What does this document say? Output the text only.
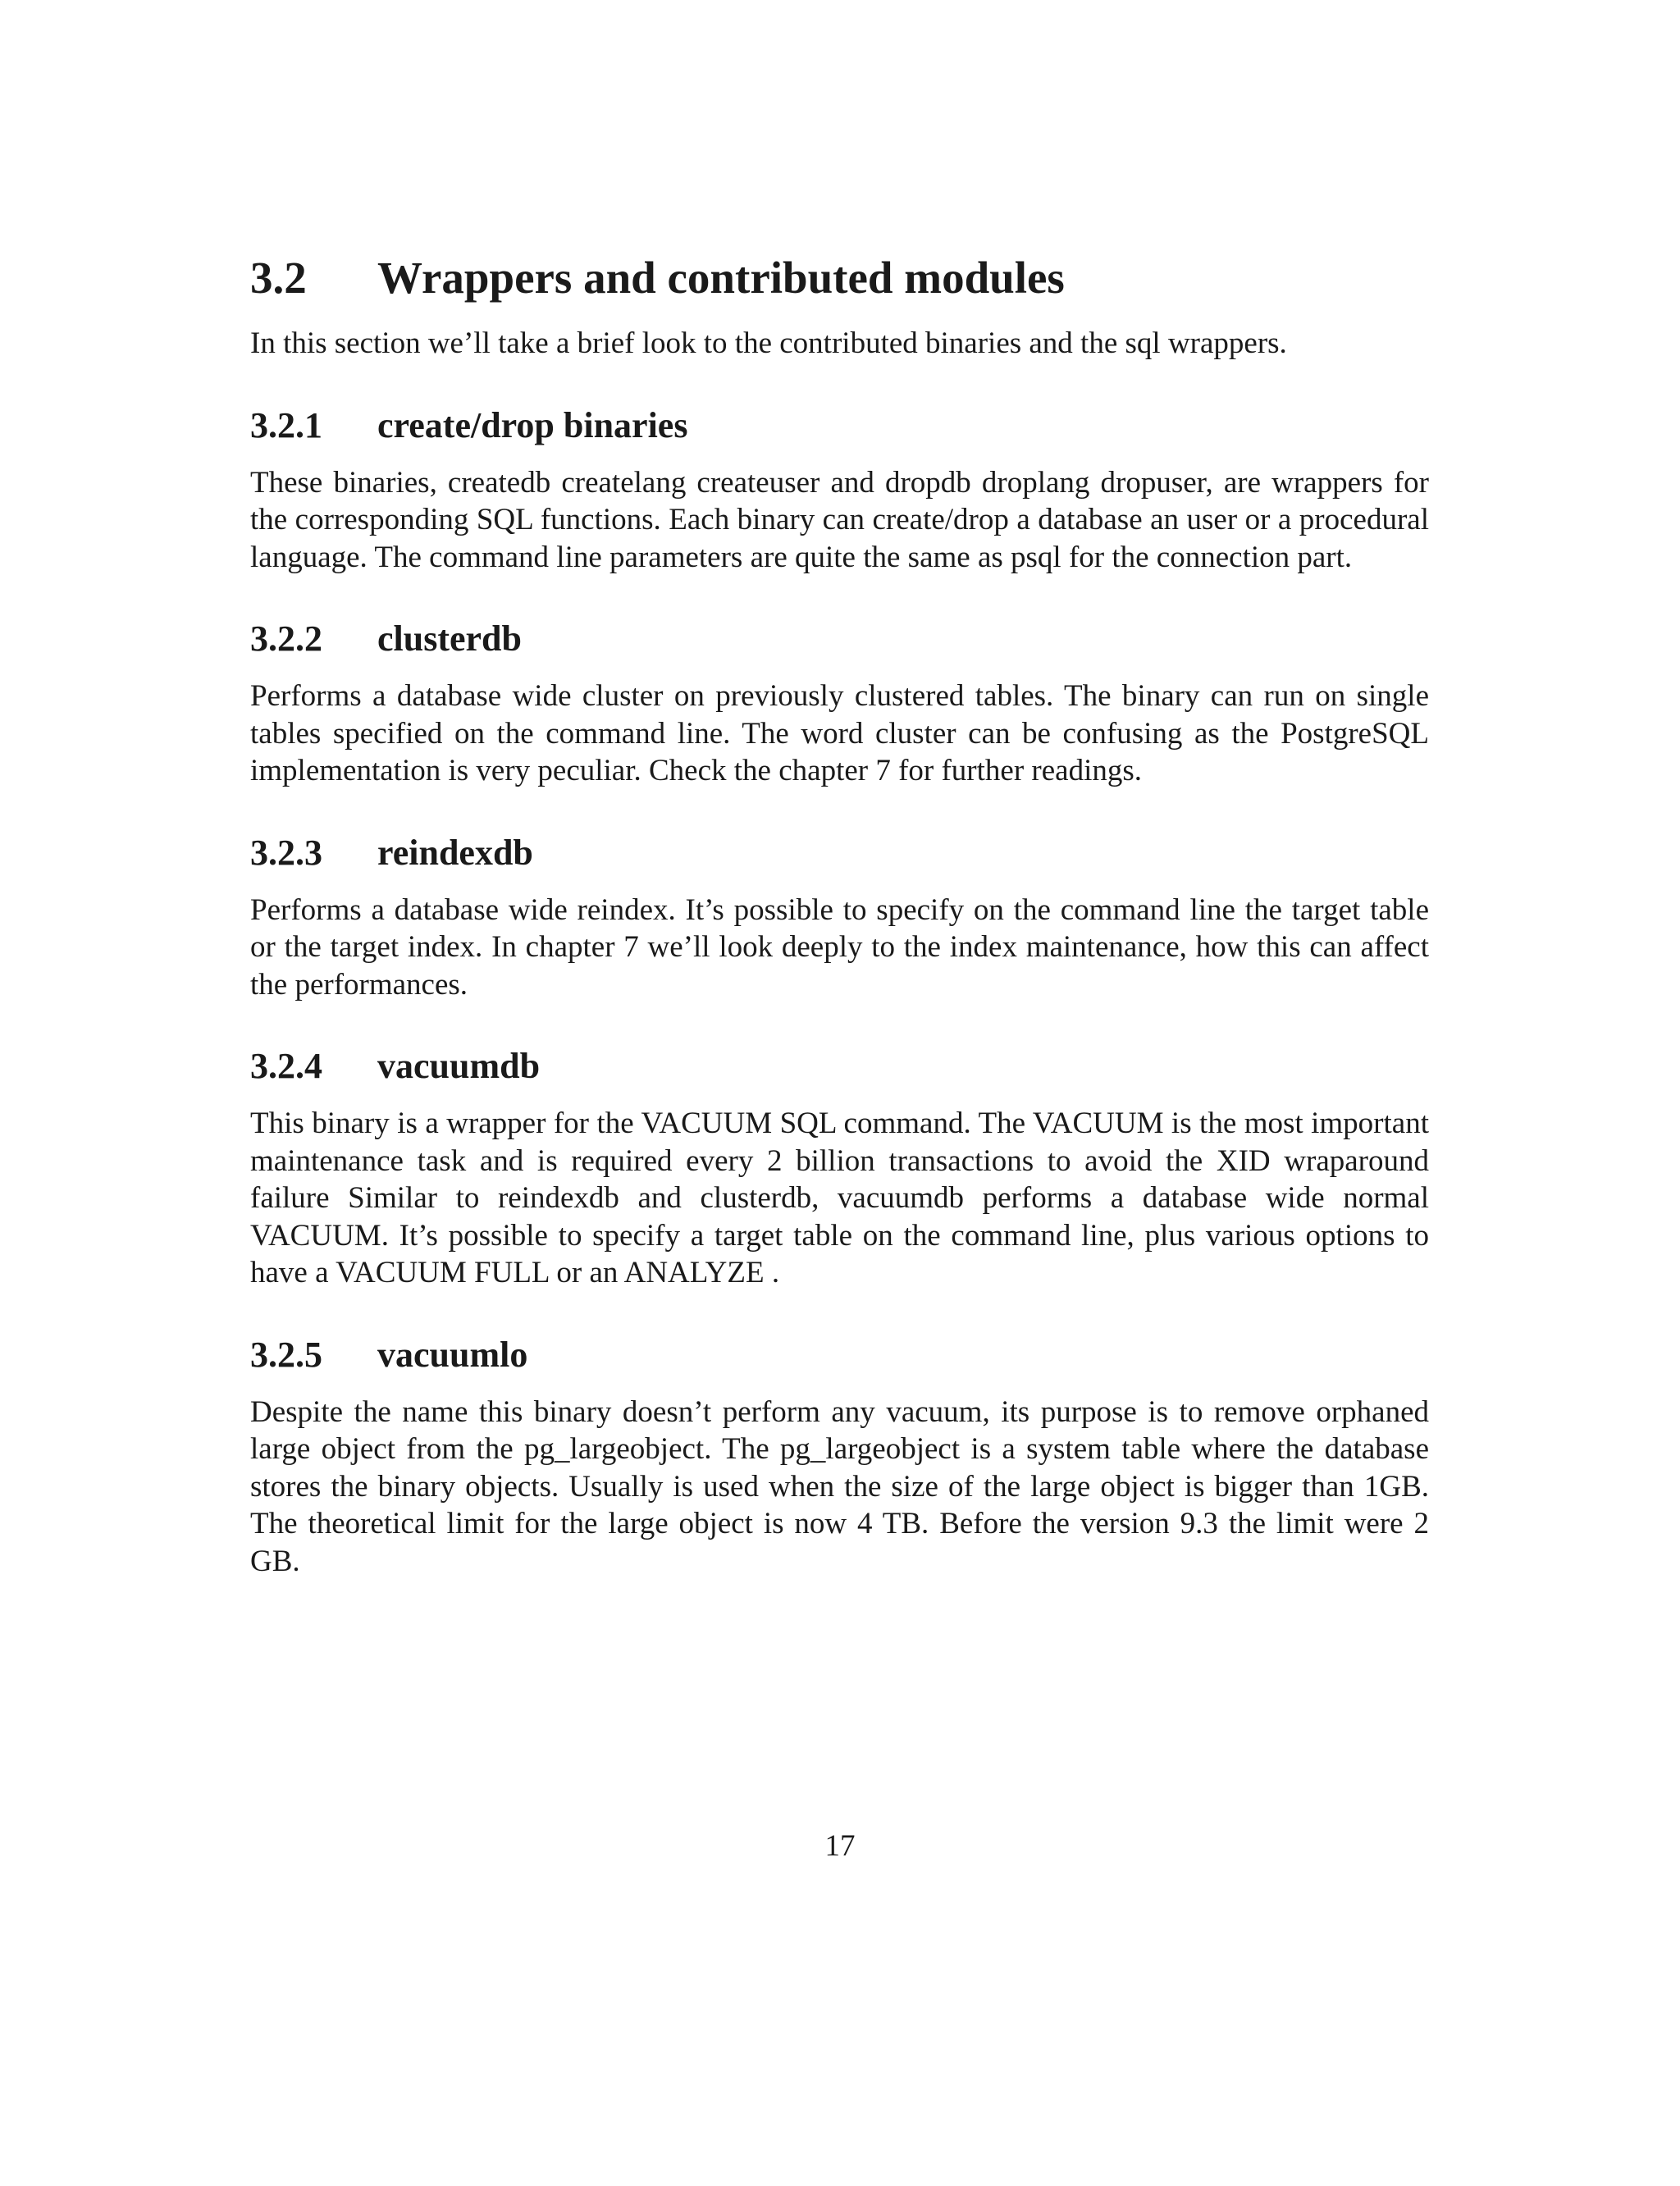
3.2 Wrappers and contributed modules

In this section we’ll take a brief look to the contributed binaries and the sql wrappers.

3.2.1 create/drop binaries

These binaries, createdb createlang createuser and dropdb droplang dropuser, are wrappers for the corresponding SQL functions. Each binary can create/drop a database an user or a procedural language. The command line parameters are quite the same as psql for the connection part.

3.2.2 clusterdb

Performs a database wide cluster on previously clustered tables. The binary can run on single tables specified on the command line. The word cluster can be confusing as the PostgreSQL implementation is very peculiar. Check the chapter 7 for further readings.

3.2.3 reindexdb

Performs a database wide reindex. It’s possible to specify on the command line the target table or the target index. In chapter 7 we’ll look deeply to the index maintenance, how this can affect the performances.

3.2.4 vacuumdb

This binary is a wrapper for the VACUUM SQL command. The VACUUM is the most important maintenance task and is required every 2 billion transactions to avoid the XID wraparound failure Similar to reindexdb and clusterdb, vacuumdb performs a database wide normal VACUUM. It’s possible to specify a target table on the command line, plus various options to have a VACUUM FULL or an ANALYZE .

3.2.5 vacuumlo

Despite the name this binary doesn’t perform any vacuum, its purpose is to remove orphaned large object from the pg_largeobject. The pg_largeobject is a system table where the database stores the binary objects. Usually is used when the size of the large object is bigger than 1GB. The theoretical limit for the large object is now 4 TB. Before the version 9.3 the limit were 2 GB.

17
